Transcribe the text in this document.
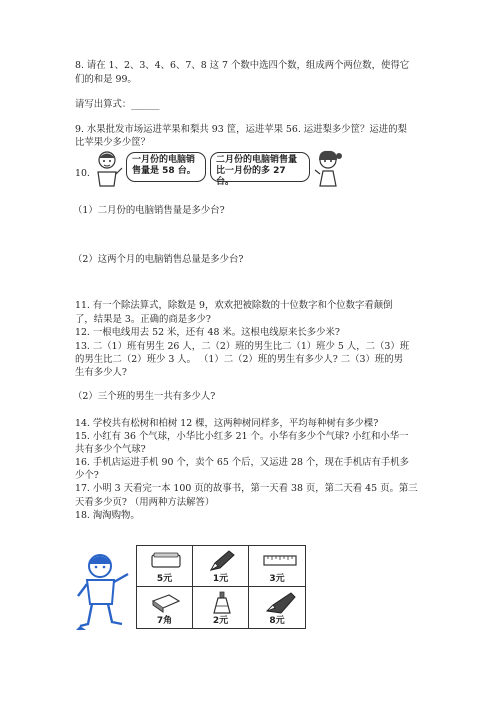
8. 请在 1、2、3、4、6、7、8 这 7 个数中选四个数，组成两个两位数，使得它
们的和是 99。
请写出算式：______
9. 水果批发市场运进苹果和梨共 93 筐，运进苹果 56. 运进梨多少筐？运进的梨
比苹果少多少筐？
10.
一月份的电脑销
售量是 58 台。
二月份的电脑销售量
比一月份的多 27 台。
（1）二月份的电脑销售量是多少台?
（2）这两个月的电脑销售总量是多少台?
11. 有一个除法算式，除数是 9，欢欢把被除数的十位数字和个位数字看颠倒
了，结果是 3。正确的商是多少?
12. 一根电线用去 52 米，还有 48 米。这根电线原来长多少米?
13. 二（1）班有男生 26 人，二（2）班的男生比二（1）班少 5 人，二（3）班
的男生比二（2）班少 3 人。 （1）二（2）班的男生有多少人? 二（3）班的男
生有多少人?
（2）三个班的男生一共有多少人?
14. 学校共有松树和柏树 12 棵，这两种树同样多，平均每种树有多少棵?
15. 小红有 36 个气球，小华比小红多 21 个。小华有多少个气球? 小红和小华一
共有多少个气球?
16. 手机店运进手机 90 个，卖个 65 个后，又运进 28 个，现在手机店有手机多
少个?
17. 小明 3 天看完一本 100 页的故事书，第一天看 38 页，第二天看 45 页。第三
天看多少页? （用两种方法解答）
18. 淘淘购物。
5元	1元	3元
7角	2元	8元
